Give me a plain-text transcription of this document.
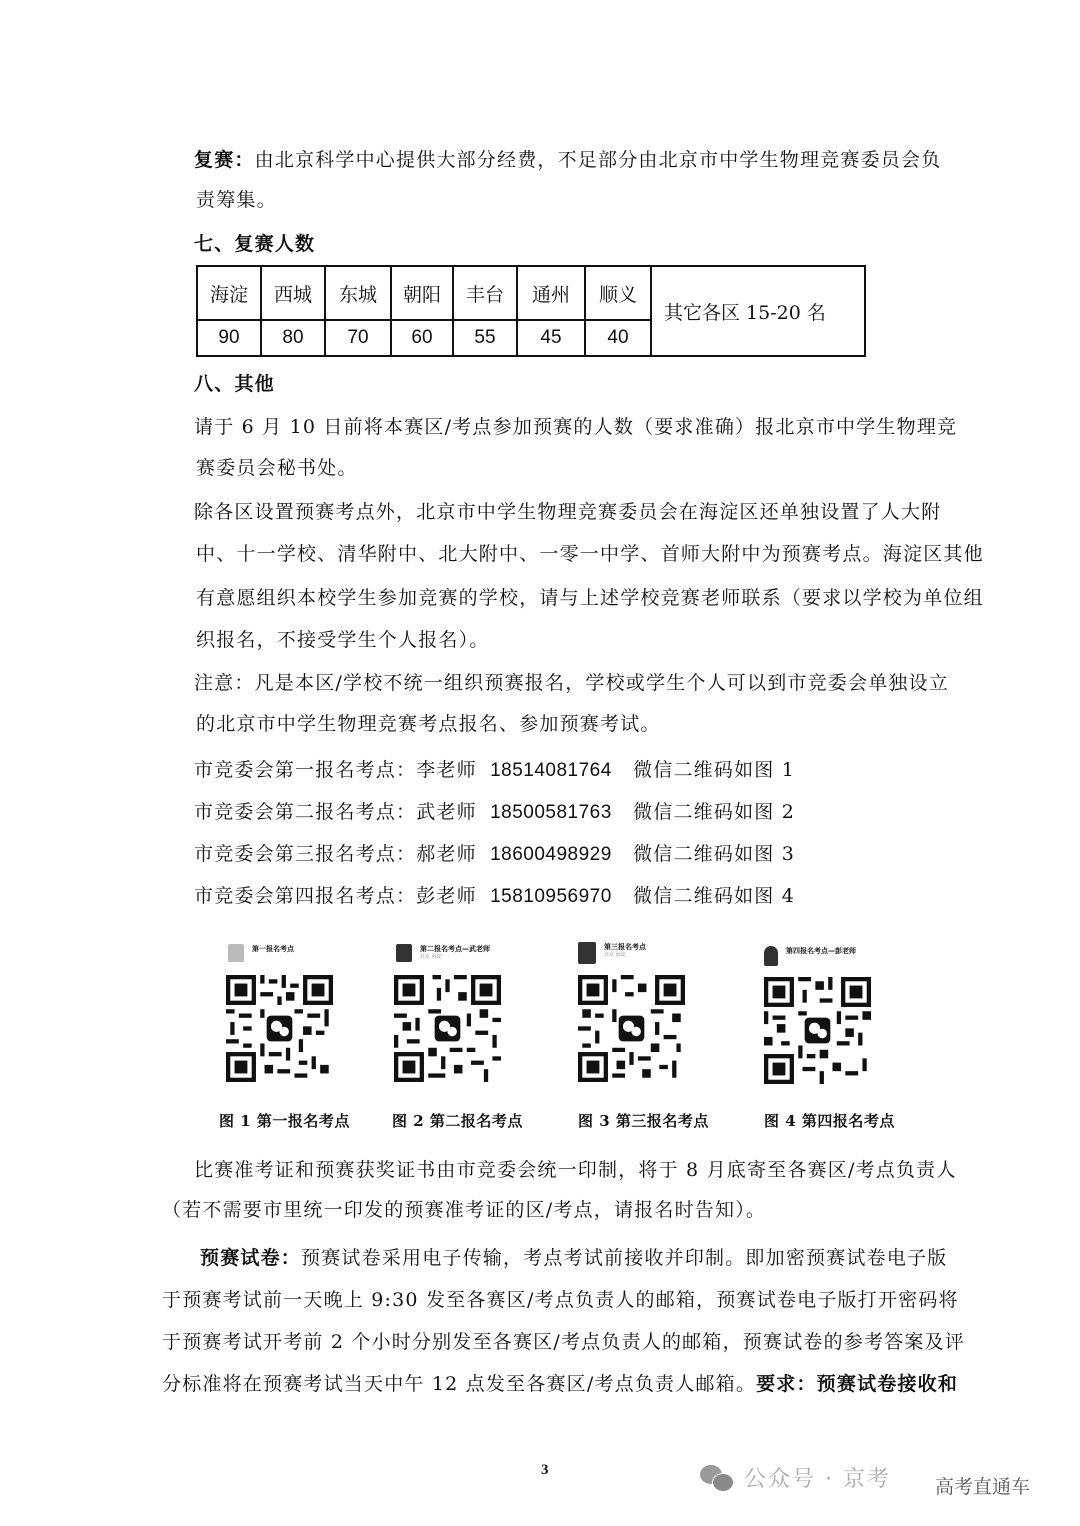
复赛：由北京科学中心提供大部分经费，不足部分由北京市中学生物理竞赛委员会负
责筹集。
七、复赛人数
海淀	西城	东城	朝阳	丰台	通州	顺义	其它各区 15-20 名
90	80	70	60	55	45	40	
八、其他
请于 6 月 10 日前将本赛区/考点参加预赛的人数（要求准确）报北京市中学生物理竞
赛委员会秘书处。
除各区设置预赛考点外，北京市中学生物理竞赛委员会在海淀区还单独设置了人大附
中、十一学校、清华附中、北大附中、一零一中学、首师大附中为预赛考点。海淀区其他
有意愿组织本校学生参加竞赛的学校，请与上述学校竞赛老师联系（要求以学校为单位组
织报名，不接受学生个人报名）。
注意：凡是本区/学校不统一组织预赛报名，学校或学生个人可以到市竞委会单独设立
的北京市中学生物理竞赛考点报名、参加预赛考试。
市竞委会第一报名考点：李老师 18514081764 微信二维码如图 1
市竞委会第二报名考点：武老师 18500581763 微信二维码如图 2
市竞委会第三报名考点：郝老师 18600498929 微信二维码如图 3
市竞委会第四报名考点：彭老师 15810956970 微信二维码如图 4
第一报名考点
图 1 第一报名考点
第二报名考点—武老师
北京 海淀
图 2 第二报名考点
第三报名考点
北京 海淀
图 3 第三报名考点
第四报名考点—彭老师
图 4 第四报名考点
比赛准考证和预赛获奖证书由市竞委会统一印制，将于 8 月底寄至各赛区/考点负责人
（若不需要市里统一印发的预赛准考证的区/考点，请报名时告知）。
预赛试卷：预赛试卷采用电子传输，考点考试前接收并印制。即加密预赛试卷电子版
于预赛考试前一天晚上 9:30 发至各赛区/考点负责人的邮箱，预赛试卷电子版打开密码将
于预赛考试开考前 2 个小时分别发至各赛区/考点负责人的邮箱，预赛试卷的参考答案及评
分标准将在预赛考试当天中午 12 点发至各赛区/考点负责人邮箱。要求：预赛试卷接收和
3	公众号 · 京考 高考直通车
